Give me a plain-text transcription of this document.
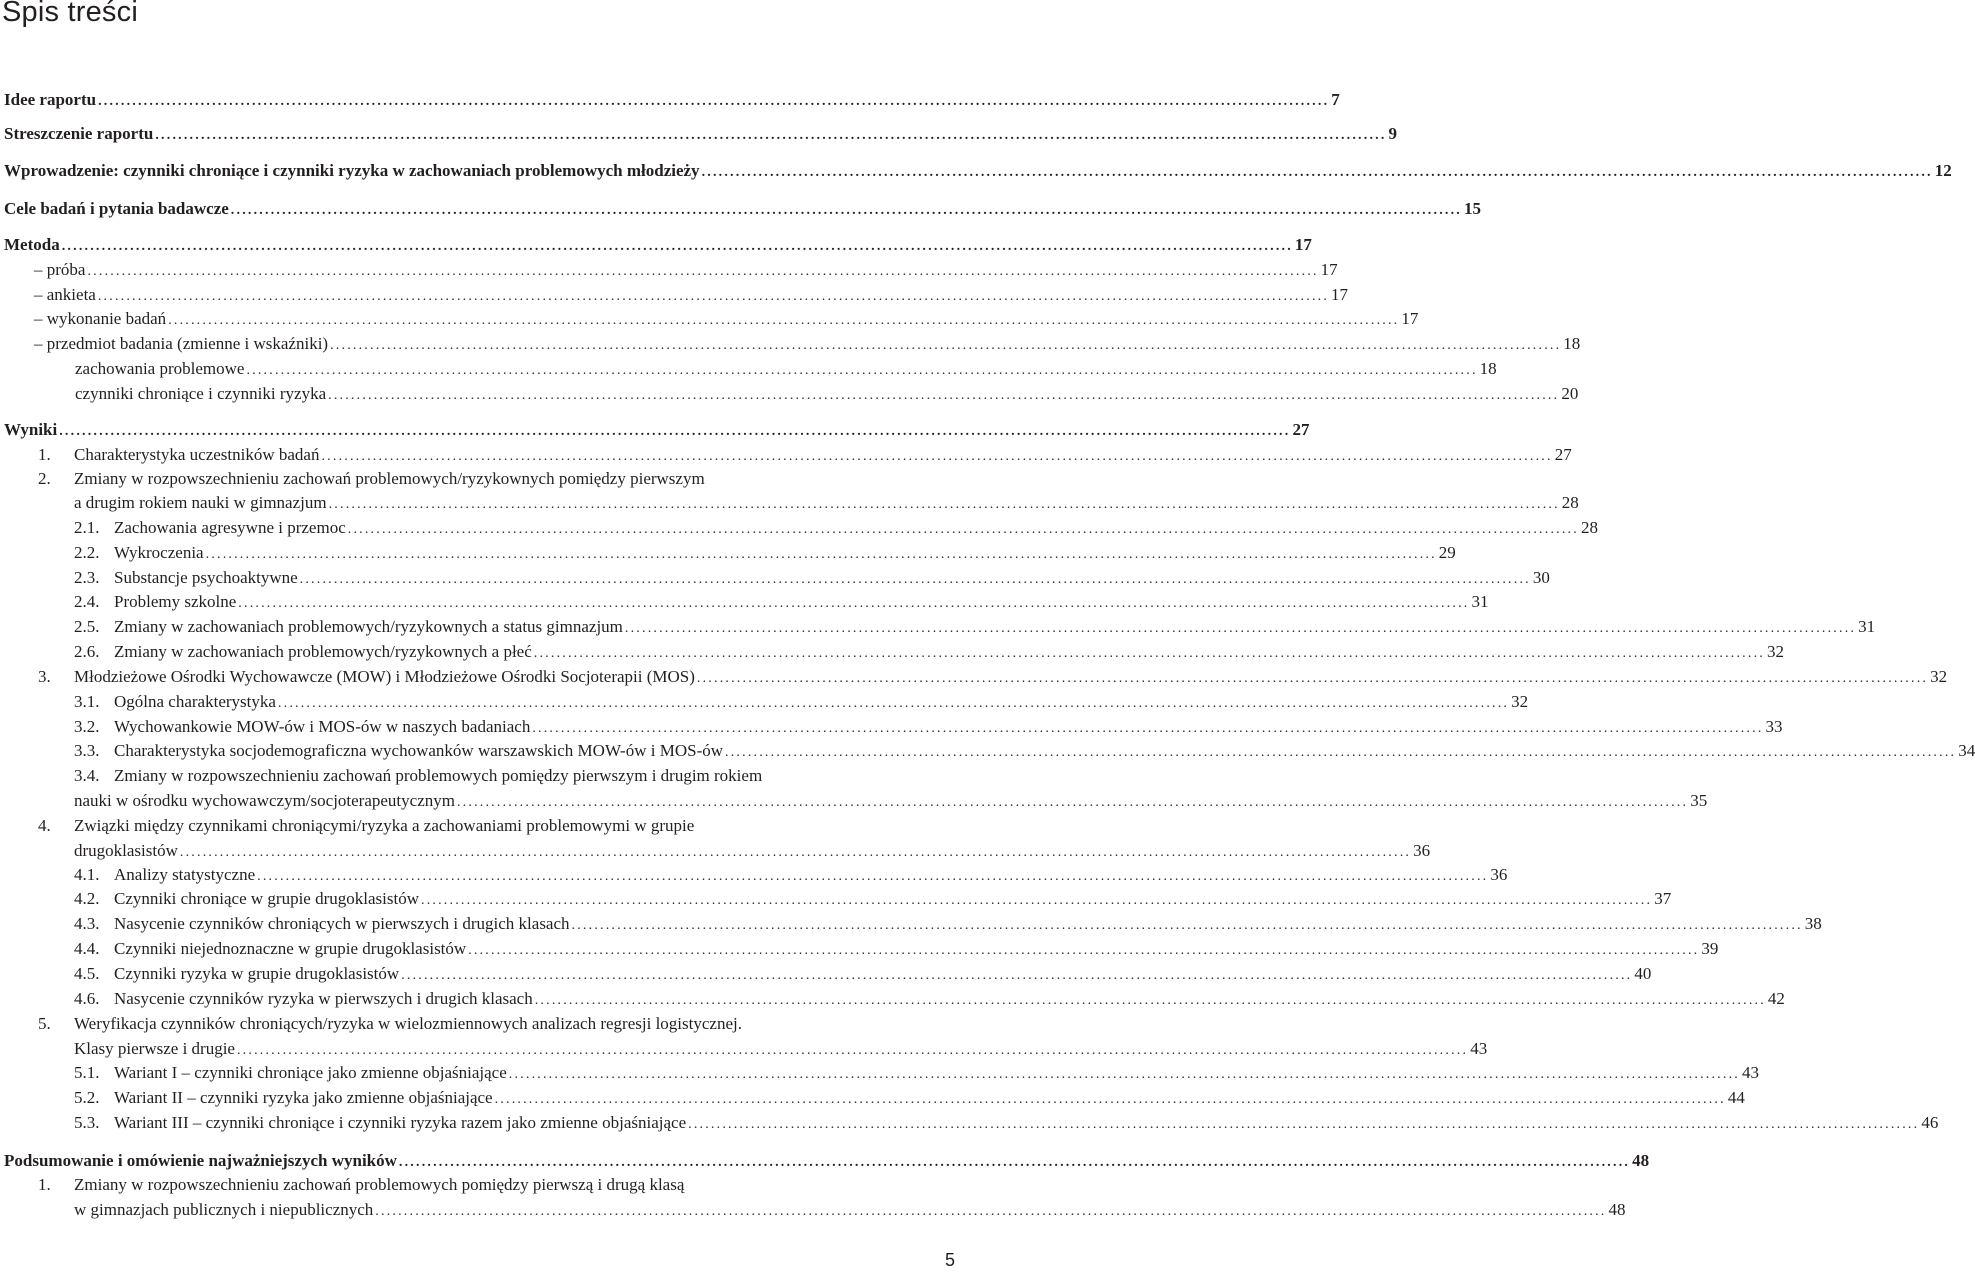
Spis treści
Idee raportu .....	7
Streszczenie raportu .....	9
Wprowadzenie: czynniki chroniące i czynniki ryzyka w zachowaniach problemowych młodzieży .....	12
Cele badań i pytania badawcze .....	15
Metoda .....	17
– próba .....	17
– ankieta .....	17
– wykonanie badań .....	17
– przedmiot badania (zmienne i wskaźniki) .....	18
zachowania problemowe .....	18
czynniki chroniące i czynniki ryzyka .....	20
Wyniki .....	27
1. Charakterystyka uczestników badań .....	27
2. Zmiany w rozpowszechnieniu zachowań problemowych/ryzykownych pomiędzy pierwszym
a drugim rokiem nauki w gimnazjum .....	28
2.1. Zachowania agresywne i przemoc .....	28
2.2. Wykroczenia .....	29
2.3. Substancje psychoaktywne .....	30
2.4. Problemy szkolne .....	31
2.5. Zmiany w zachowaniach problemowych/ryzykownych a status gimnazjum .....	31
2.6. Zmiany w zachowaniach problemowych/ryzykownych a płeć .....	32
3. Młodzieżowe Ośrodki Wychowawcze (MOW) i Młodzieżowe Ośrodki Socjoterapii (MOS) .....	32
3.1. Ogólna charakterystyka .....	32
3.2. Wychowankowie MOW-ów i MOS-ów w naszych badaniach .....	33
3.3. Charakterystyka socjodemograficzna wychowanków warszawskich MOW-ów i MOS-ów .....	34
3.4. Zmiany w rozpowszechnieniu zachowań problemowych pomiędzy pierwszym i drugim rokiem
nauki w ośrodku wychowawczym/socjoterapeutycznym .....	35
4. Związki między czynnikami chroniącymi/ryzyka a zachowaniami problemowymi w grupie
drugoklasistów .....	36
4.1. Analizy statystyczne .....	36
4.2. Czynniki chroniące w grupie drugoklasistów .....	37
4.3. Nasycenie czynników chroniących w pierwszych i drugich klasach .....	38
4.4. Czynniki niejednoznaczne w grupie drugoklasistów .....	39
4.5. Czynniki ryzyka w grupie drugoklasistów .....	40
4.6. Nasycenie czynników ryzyka w pierwszych i drugich klasach .....	42
5. Weryfikacja czynników chroniących/ryzyka w wielozmiennowych analizach regresji logistycznej.
Klasy pierwsze i drugie .....	43
5.1. Wariant I – czynniki chroniące jako zmienne objaśniające .....	43
5.2. Wariant II – czynniki ryzyka jako zmienne objaśniające .....	44
5.3. Wariant III – czynniki chroniące i czynniki ryzyka razem jako zmienne objaśniające .....	46
Podsumowanie i omówienie najważniejszych wyników .....	48
1. Zmiany w rozpowszechnieniu zachowań problemowych pomiędzy pierwszą i drugą klasą
w gimnazjach publicznych i niepublicznych .....	48
5
